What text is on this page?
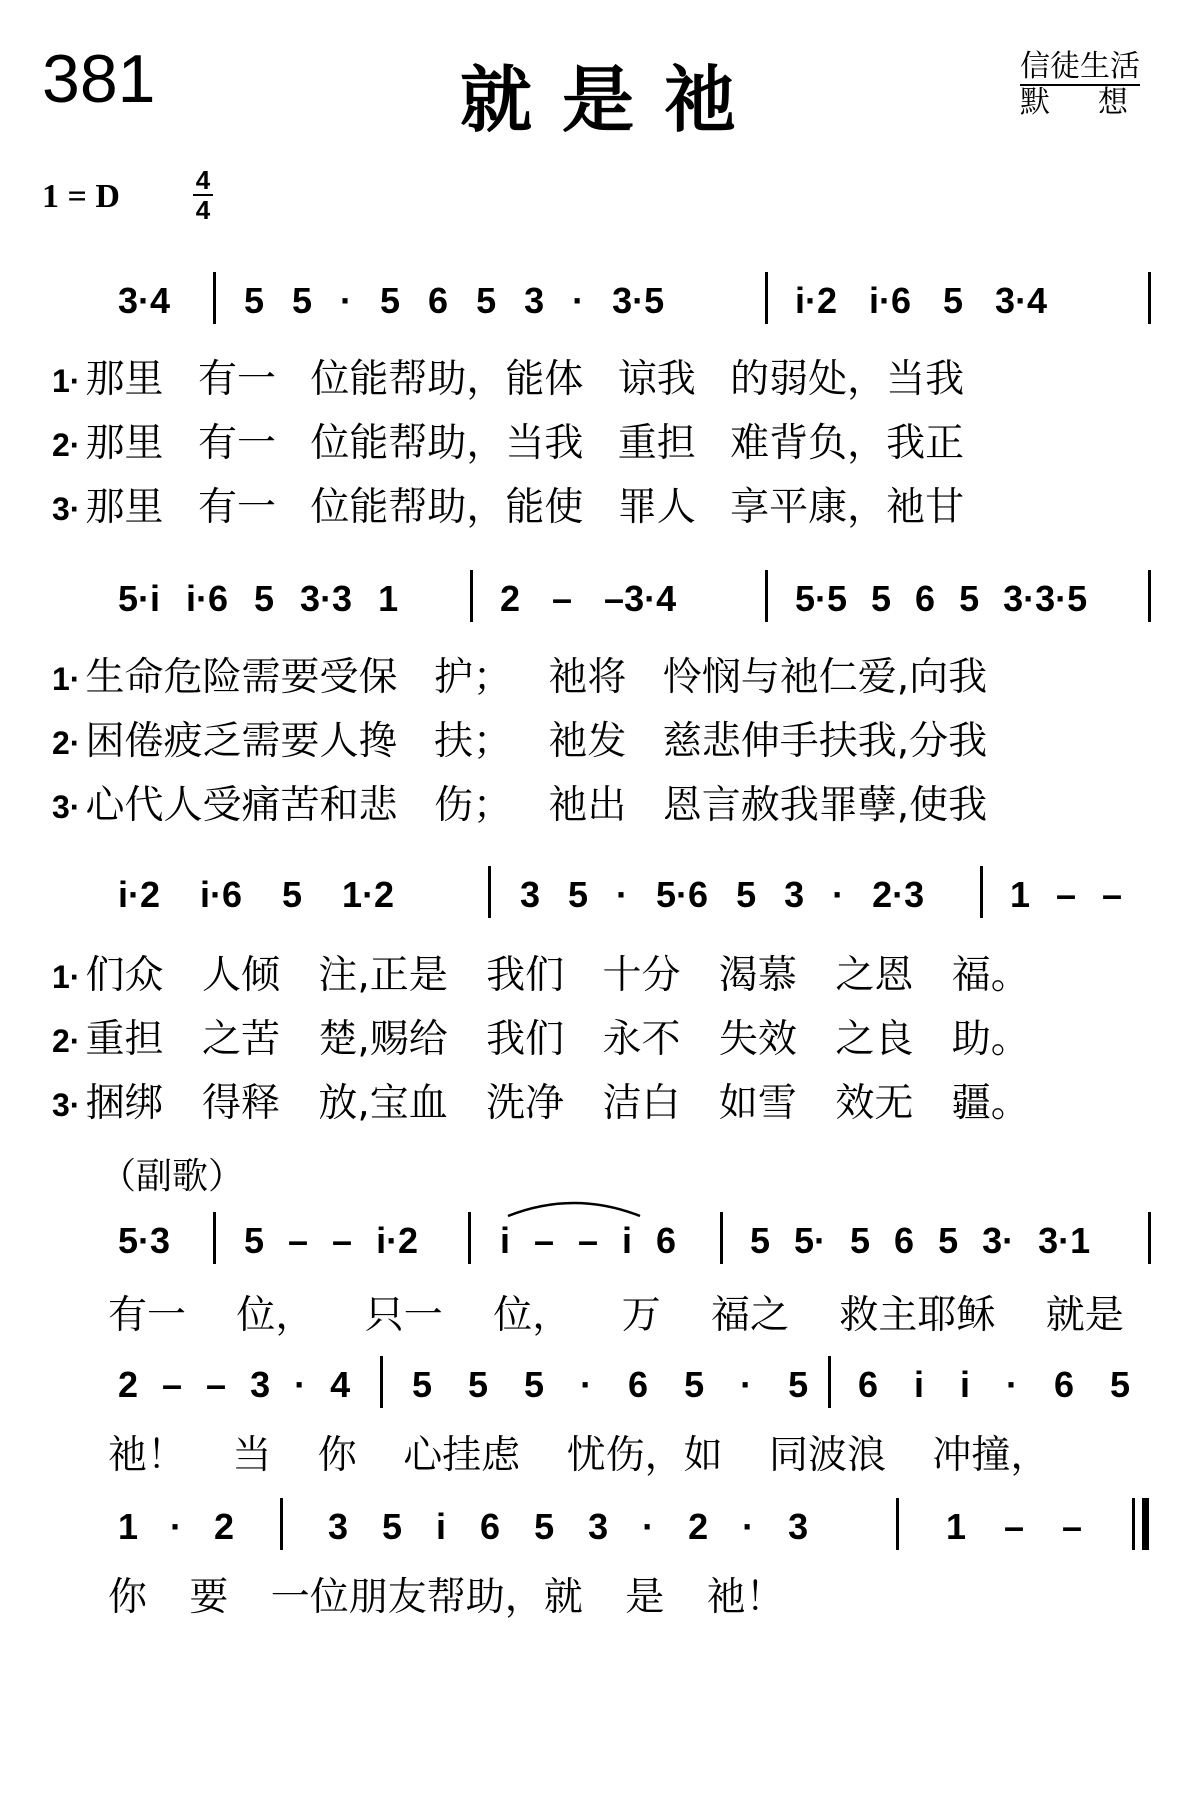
381	就是祂	信徒生活
默想
1 = D	4
4
3·4 5 5 · 5 6 5 3 · 3·5	i·2 i·6 5 3·4
1· 那里 有一 位能帮助，能体 谅我 的弱处，当我
2· 那里 有一 位能帮助，当我 重担 难背负，我正
3· 那里 有一 位能帮助，能使 罪人 享平康，祂甘
5·i i·6 5 3·3 1	2 – –3·4	5·5 5 6 5 3·3·5
1· 生命危险需要受保 护； 祂将 怜悯与祂仁爱,向我
2· 困倦疲乏需要人搀 扶； 祂发 慈悲伸手扶我,分我
3· 心代人受痛苦和悲 伤； 祂出 恩言赦我罪孽,使我
i·2 i·6 5 1·2	3 5 · 5·6 5 3 · 2·3 1 – –
1· 们众 人倾 注,正是 我们 十分 渴慕 之恩 福。
2· 重担 之苦 楚,赐给 我们 永不 失效 之良 助。
3· 捆绑 得释 放,宝血 洗净 洁白 如雪 效无 疆。
（副歌）
5·3 5 – – i·2 i – – i 6 5 5· 5 6 5 3· 3·1
有一 位， 只一 位， 万 福之 救主耶稣 就是
2 – – 3 · 4 5 5 5 · 6 5 · 5 6 i i · 6 5
祂！ 当 你 心挂虑 忧伤，如 同波浪 冲撞，
1 · 2	3 5 i 6 5 3 · 2 · 3	1 – –
你 要 一位朋友帮助，就 是 祂！
